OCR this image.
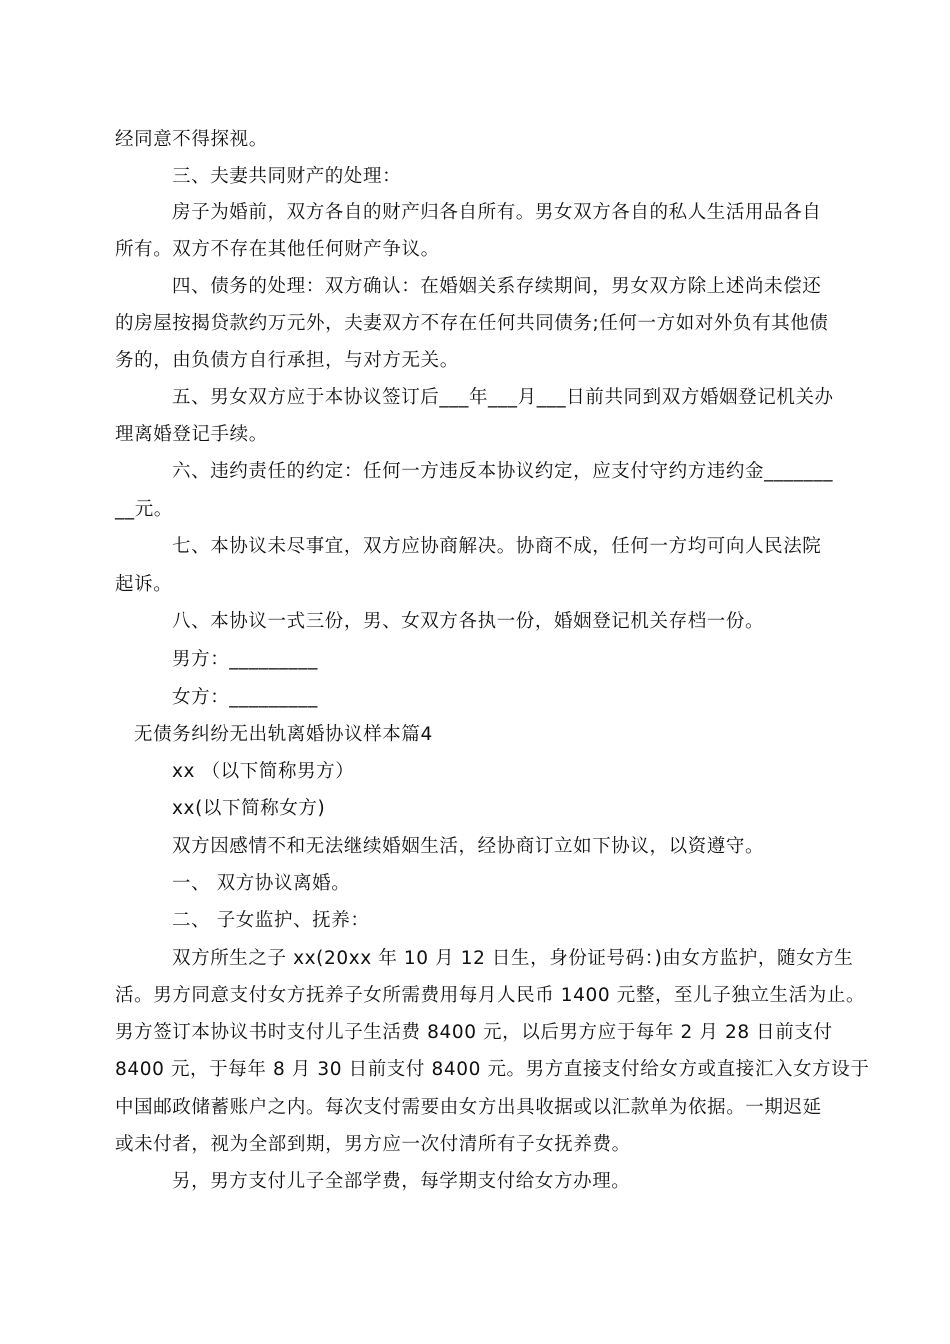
经同意不得探视。
三、夫妻共同财产的处理：
房子为婚前，双方各自的财产归各自所有。男女双方各自的私人生活用品各自
所有。双方不存在其他任何财产争议。
四、债务的处理：双方确认：在婚姻关系存续期间，男女双方除上述尚未偿还
的房屋按揭贷款约万元外，夫妻双方不存在任何共同债务;任何一方如对外负有其他债
务的，由负债方自行承担，与对方无关。
五、男女双方应于本协议签订后___年___月___日前共同到双方婚姻登记机关办
理离婚登记手续。
六、违约责任的约定：任何一方违反本协议约定，应支付守约方违约金_______
__元。
七、本协议未尽事宜，双方应协商解决。协商不成，任何一方均可向人民法院
起诉。
八、本协议一式三份，男、女双方各执一份，婚姻登记机关存档一份。
男方：_________
女方：_________
无债务纠纷无出轨离婚协议样本篇4
xx （以下简称男方）
xx(以下简称女方)
双方因感情不和无法继续婚姻生活，经协商订立如下协议，以资遵守。
一、 双方协议离婚。
二、 子女监护、抚养：
双方所生之子 xx(20xx 年 10 月 12 日生，身份证号码：)由女方监护，随女方生
活。男方同意支付女方抚养子女所需费用每月人民币 1400 元整，至儿子独立生活为止。
男方签订本协议书时支付儿子生活费 8400 元，以后男方应于每年 2 月 28 日前支付
8400 元，于每年 8 月 30 日前支付 8400 元。男方直接支付给女方或直接汇入女方设于
中国邮政储蓄账户之内。每次支付需要由女方出具收据或以汇款单为依据。一期迟延
或未付者，视为全部到期，男方应一次付清所有子女抚养费。
另，男方支付儿子全部学费，每学期支付给女方办理。
